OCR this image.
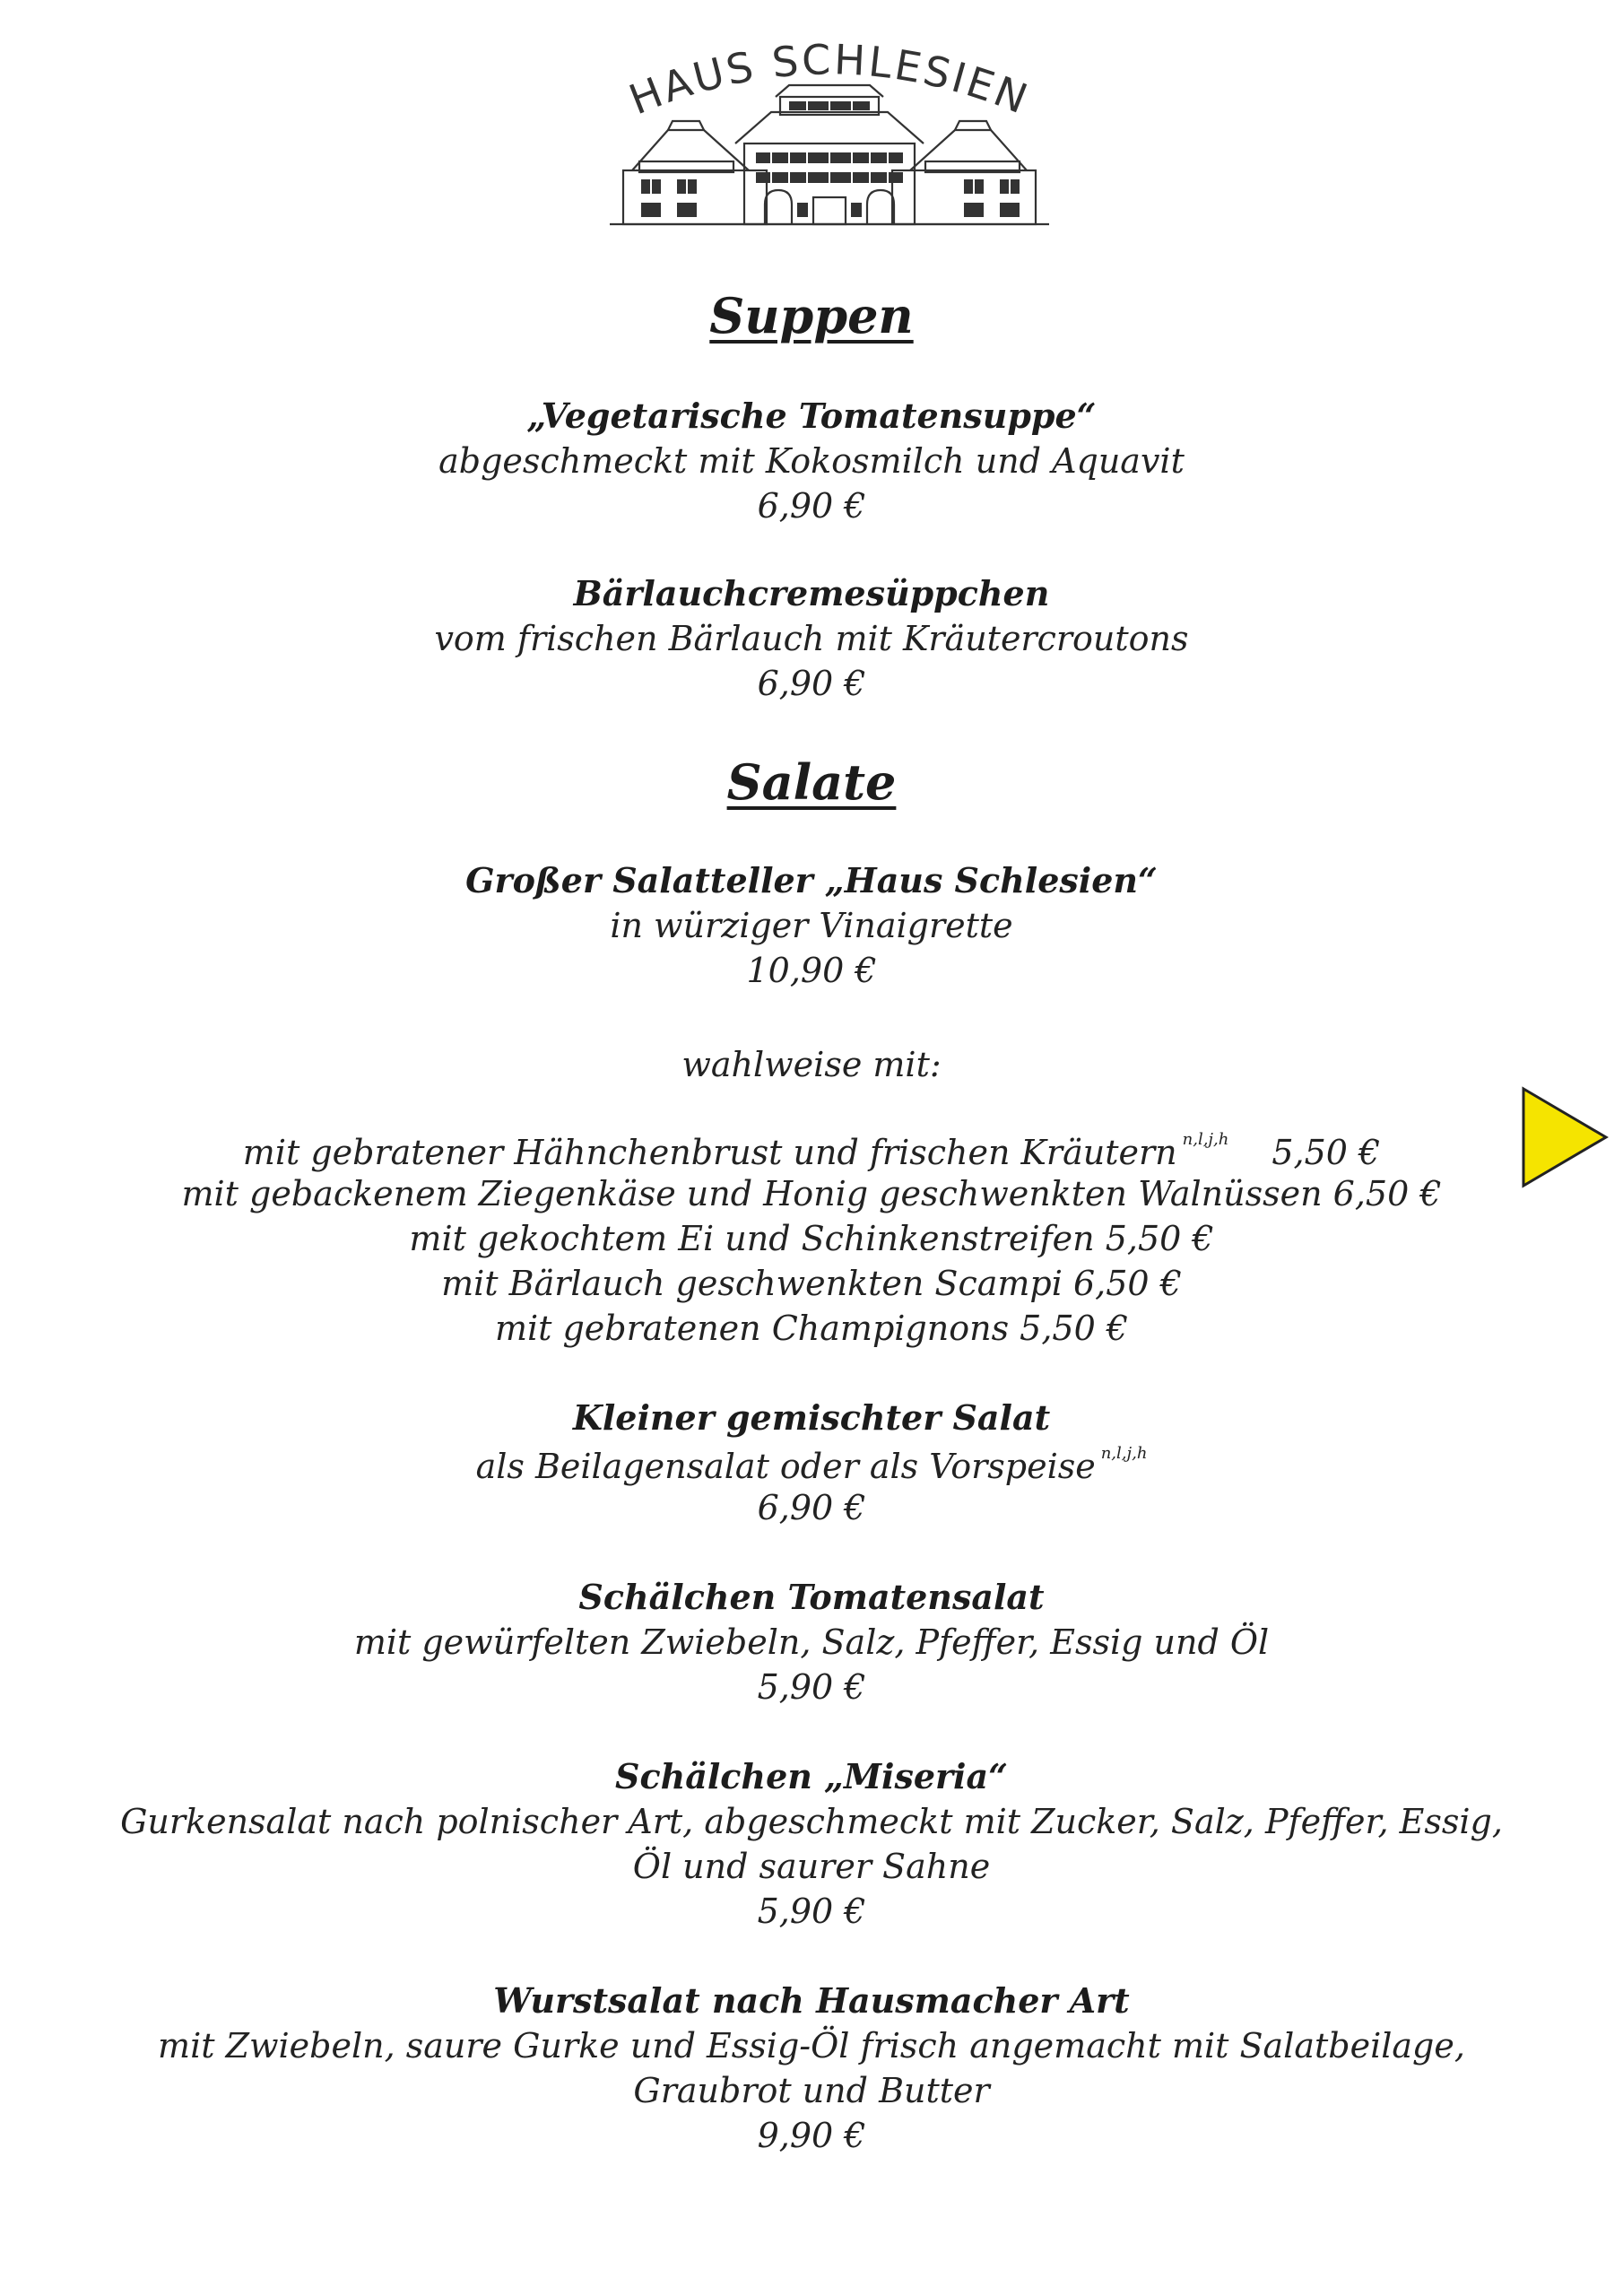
HAUS SCHLESIEN
Suppen
„Vegetarische Tomatensuppe“
abgeschmeckt mit Kokosmilch und Aquavit
6,90 €
Bärlauchcremesüppchen
vom frischen Bärlauch mit Kräutercroutons
6,90 €
Salate
Großer Salatteller „Haus Schlesien“
in würziger Vinaigrette
10,90 €
wahlweise mit:
mit gebratener Hähnchenbrust und frischen Kräutern $^{n,l,j,h}$ 5,50 €
mit gebackenem Ziegenkäse und Honig geschwenkten Walnüssen 6,50 €
mit gekochtem Ei und Schinkenstreifen 5,50 €
mit Bärlauch geschwenkten Scampi 6,50 €
mit gebratenen Champignons 5,50 €
Kleiner gemischter Salat
als Beilagensalat oder als Vorspeise $^{n,l,j,h}$
6,90 €
Schälchen Tomatensalat
mit gewürfelten Zwiebeln, Salz, Pfeffer, Essig und Öl
5,90 €
Schälchen „Miseria“
Gurkensalat nach polnischer Art, abgeschmeckt mit Zucker, Salz, Pfeffer, Essig,
Öl und saurer Sahne
5,90 €
Wurstsalat nach Hausmacher Art
mit Zwiebeln, saure Gurke und Essig-Öl frisch angemacht mit Salatbeilage,
Graubrot und Butter
9,90 €
